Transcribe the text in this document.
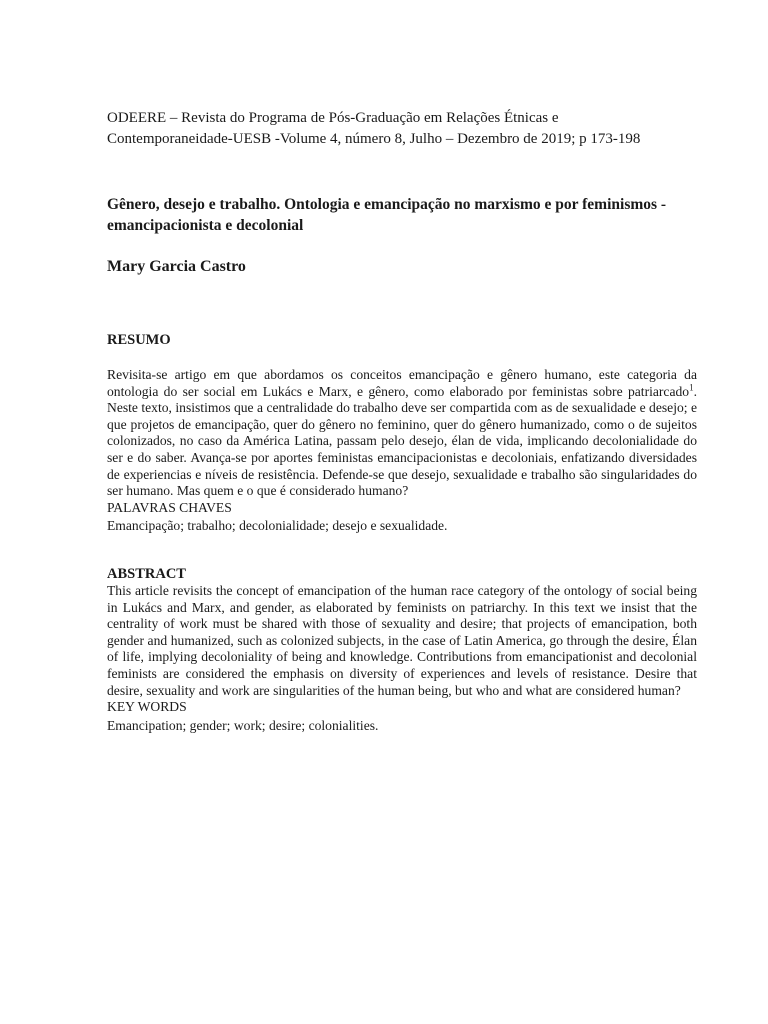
ODEERE – Revista do Programa de Pós-Graduação em Relações Étnicas e
Contemporaneidade-UESB -Volume 4, número 8, Julho – Dezembro de 2019; p 173-198
Gênero, desejo e trabalho. Ontologia e emancipação no marxismo e por feminismos - emancipacionista e decolonial
Mary Garcia Castro
RESUMO

Revisita-se artigo em que abordamos os conceitos emancipação e gênero humano, este categoria da ontologia do ser social em Lukács e Marx, e gênero, como elaborado por feministas sobre patriarcado$^1$. Neste texto, insistimos que a centralidade do trabalho deve ser compartida com as de sexualidade e desejo; e que projetos de emancipação, quer do gênero no feminino, quer do gênero humanizado, como o de sujeitos colonizados, no caso da América Latina, passam pelo desejo, élan de vida, implicando decolonialidade do ser e do saber. Avança-se por aportes feministas emancipacionistas e decoloniais, enfatizando diversidades de experiencias e níveis de resistência. Defende-se que desejo, sexualidade e trabalho são singularidades do ser humano. Mas quem e o que é considerado humano?

PALAVRAS CHAVES
Emancipação; trabalho; decolonialidade; desejo e sexualidade.
ABSTRACT

This article revisits the concept of emancipation of the human race category of the ontology of social being in Lukács and Marx, and gender, as elaborated by feminists on patriarchy. In this text we insist that the centrality of work must be shared with those of sexuality and desire; that projects of emancipation, both gender and humanized, such as colonized subjects, in the case of Latin America, go through the desire, Élan of life, implying decoloniality of being and knowledge. Contributions from emancipationist and decolonial feminists are considered the emphasis on diversity of experiences and levels of resistance. Desire that desire, sexuality and work are singularities of the human being, but who and what are considered human?

KEY WORDS
Emancipation; gender; work; desire; colonialities.
